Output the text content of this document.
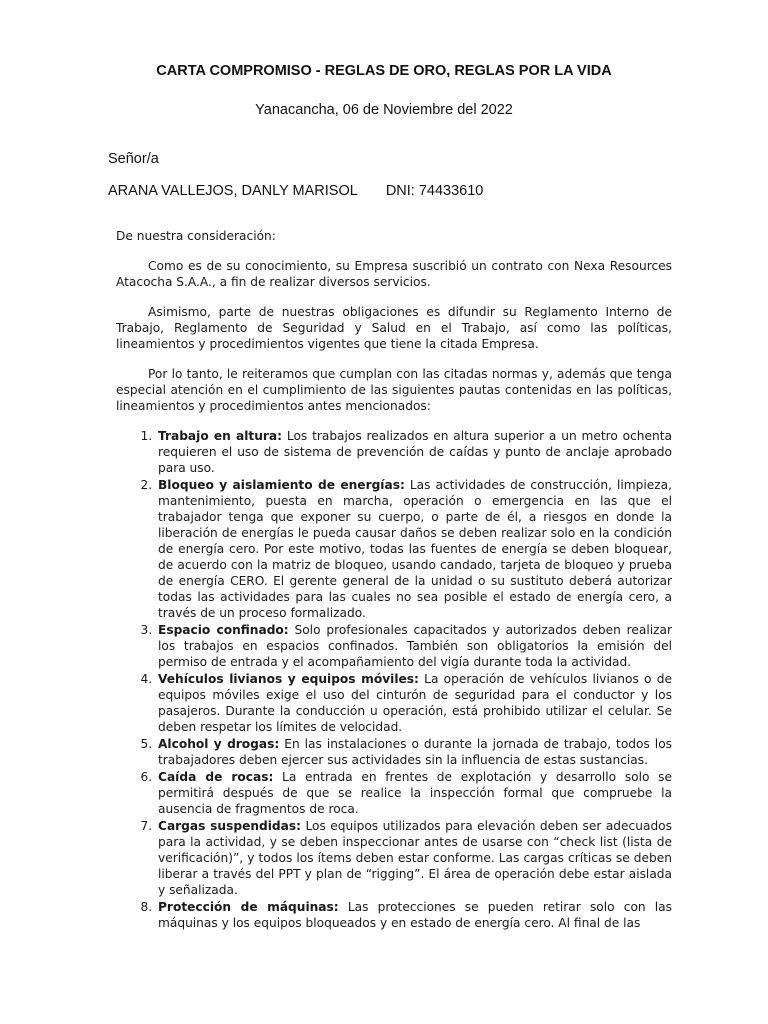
CARTA COMPROMISO - REGLAS DE ORO, REGLAS POR LA VIDA
Yanacancha, 06 de Noviembre del 2022
Señor/a
ARANA VALLEJOS, DANLY MARISOL DNI: 74433610

De nuestra consideración:

Como es de su conocimiento, su Empresa suscribió un contrato con Nexa Resources Atacocha S.A.A., a fin de realizar diversos servicios.

Asimismo, parte de nuestras obligaciones es difundir su Reglamento Interno de Trabajo, Reglamento de Seguridad y Salud en el Trabajo, así como las políticas, lineamientos y procedimientos vigentes que tiene la citada Empresa.

Por lo tanto, le reiteramos que cumplan con las citadas normas y, además que tenga especial atención en el cumplimiento de las siguientes pautas contenidas en las políticas, lineamientos y procedimientos antes mencionados:

1. Trabajo en altura: Los trabajos realizados en altura superior a un metro ochenta requieren el uso de sistema de prevención de caídas y punto de anclaje aprobado para uso.
2. Bloqueo y aislamiento de energías: Las actividades de construcción, limpieza, mantenimiento, puesta en marcha, operación o emergencia en las que el trabajador tenga que exponer su cuerpo, o parte de él, a riesgos en donde la liberación de energías le pueda causar daños se deben realizar solo en la condición de energía cero. Por este motivo, todas las fuentes de energía se deben bloquear, de acuerdo con la matriz de bloqueo, usando candado, tarjeta de bloqueo y prueba de energía CERO. El gerente general de la unidad o su sustituto deberá autorizar todas las actividades para las cuales no sea posible el estado de energía cero, a través de un proceso formalizado.
3. Espacio confinado: Solo profesionales capacitados y autorizados deben realizar los trabajos en espacios confinados. También son obligatorios la emisión del permiso de entrada y el acompañamiento del vigía durante toda la actividad.
4. Vehículos livianos y equipos móviles: La operación de vehículos livianos o de equipos móviles exige el uso del cinturón de seguridad para el conductor y los pasajeros. Durante la conducción u operación, está prohibido utilizar el celular. Se deben respetar los límites de velocidad.
5. Alcohol y drogas: En las instalaciones o durante la jornada de trabajo, todos los trabajadores deben ejercer sus actividades sin la influencia de estas sustancias.
6. Caída de rocas: La entrada en frentes de explotación y desarrollo solo se permitirá después de que se realice la inspección formal que compruebe la ausencia de fragmentos de roca.
7. Cargas suspendidas: Los equipos utilizados para elevación deben ser adecuados para la actividad, y se deben inspeccionar antes de usarse con “check list (lista de verificación)”, y todos los ítems deben estar conforme. Las cargas críticas se deben liberar a través del PPT y plan de “rigging”. El área de operación debe estar aislada y señalizada.
8. Protección de máquinas: Las protecciones se pueden retirar solo con las máquinas y los equipos bloqueados y en estado de energía cero. Al final de las
